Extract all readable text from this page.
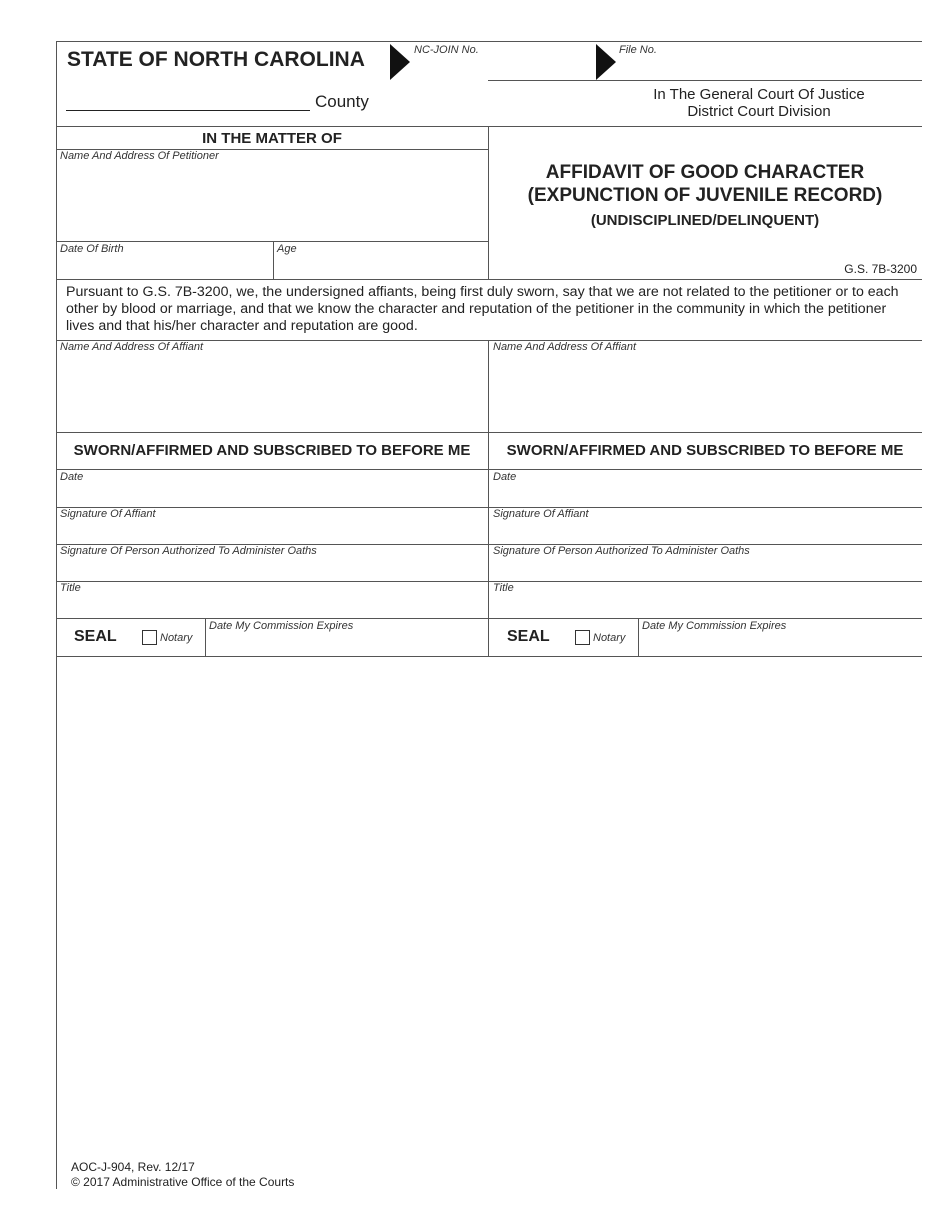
STATE OF NORTH CAROLINA	NC-JOIN No.	File No.
County	In The General Court Of Justice
District Court Division
IN THE MATTER OF
Name And Address Of Petitioner
Date Of Birth	Age
AFFIDAVIT OF GOOD CHARACTER
(EXPUNCTION OF JUVENILE RECORD)
(UNDISCIPLINED/DELINQUENT)
G.S. 7B-3200
Pursuant to G.S. 7B-3200, we, the undersigned affiants, being first duly sworn, say that we are not related to the petitioner or to each other by blood or marriage, and that we know the character and reputation of the petitioner in the community in which the petitioner lives and that his/her character and reputation are good.
Name And Address Of Affiant
SWORN/AFFIRMED AND SUBSCRIBED TO BEFORE ME
Date
Signature Of Affiant
Signature Of Person Authorized To Administer Oaths
Title
SEAL	Notary
Date My Commission Expires
Name And Address Of Affiant
SWORN/AFFIRMED AND SUBSCRIBED TO BEFORE ME
Date
Signature Of Affiant
Signature Of Person Authorized To Administer Oaths
Title
SEAL	Notary
Date My Commission Expires
AOC-J-904, Rev. 12/17
© 2017 Administrative Office of the Courts
